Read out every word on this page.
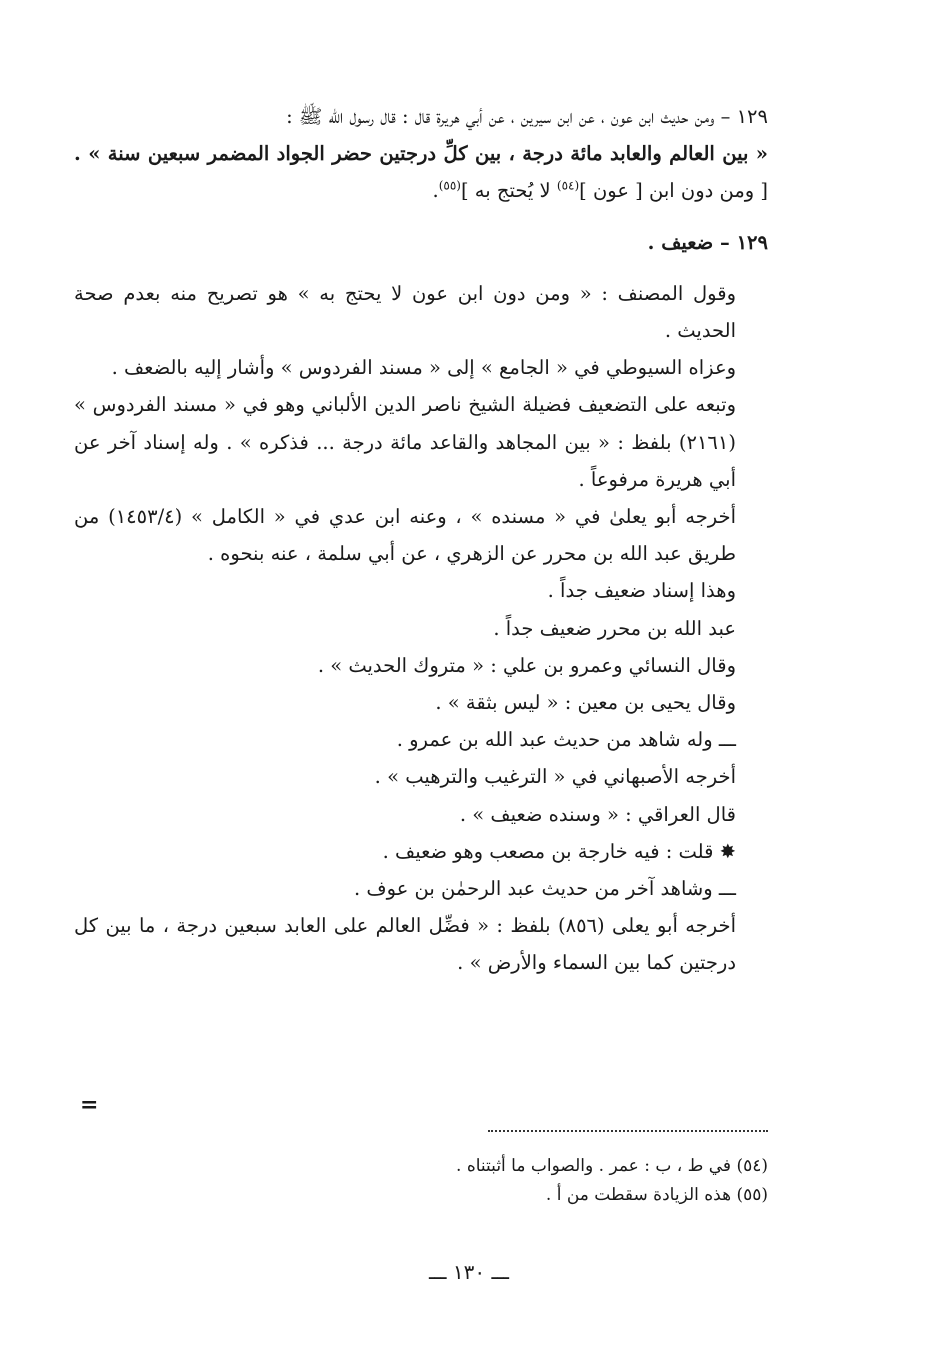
١٢٩ – ومن حديث ابن عون ، عن ابن سيرين ، عن أبي هريرة قال : قال رسول الله ﷺ :

« بين العالم والعابد مائة درجة ، بين كلِّ درجتين حضر الجواد المضمر سبعين سنة » . [ ومن دون ابن [ عون ]$^{(٥٤)}$ لا يُحتج به ]$^{(٥٥)}$.

١٢٩ – ضعيف .

وقول المصنف : « ومن دون ابن عون لا يحتج به » هو تصريح منه بعدم صحة الحديث .

وعزاه السيوطي في « الجامع » إلى « مسند الفردوس » وأشار إليه بالضعف .

وتبعه على التضعيف فضيلة الشيخ ناصر الدين الألباني وهو في « مسند الفردوس » (٢١٦١) بلفظ : « بين المجاهد والقاعد مائة درجة ... فذكره » . وله إسناد آخر عن أبي هريرة مرفوعاً .

أخرجه أبو يعلىٰ في « مسنده » ، وعنه ابن عدي في « الكامل » (١٤٥٣/٤) من طريق عبد الله بن محرر عن الزهري ، عن أبي سلمة ، عنه بنحوه .

وهذا إسناد ضعيف جداً .

عبد الله بن محرر ضعيف جداً .

وقال النسائي وعمرو بن علي : « متروك الحديث » .

وقال يحيى بن معين : « ليس بثقة » .

ـــ وله شاهد من حديث عبد الله بن عمرو .

أخرجه الأصبهاني في « الترغيب والترهيب » .

قال العراقي : « وسنده ضعيف » .

✸ قلت : فيه خارجة بن مصعب وهو ضعيف .

ـــ وشاهد آخر من حديث عبد الرحمٰن بن عوف .

أخرجه أبو يعلى (٨٥٦) بلفظ : « فضِّل العالم على العابد سبعين درجة ، ما بين كل درجتين كما بين السماء والأرض » .

=

(٥٤) في ط ، ب : عمر . والصواب ما أثبتناه .

(٥٥) هذه الزيادة سقطت من أ .

ـــ ١٣٠ ـــ
